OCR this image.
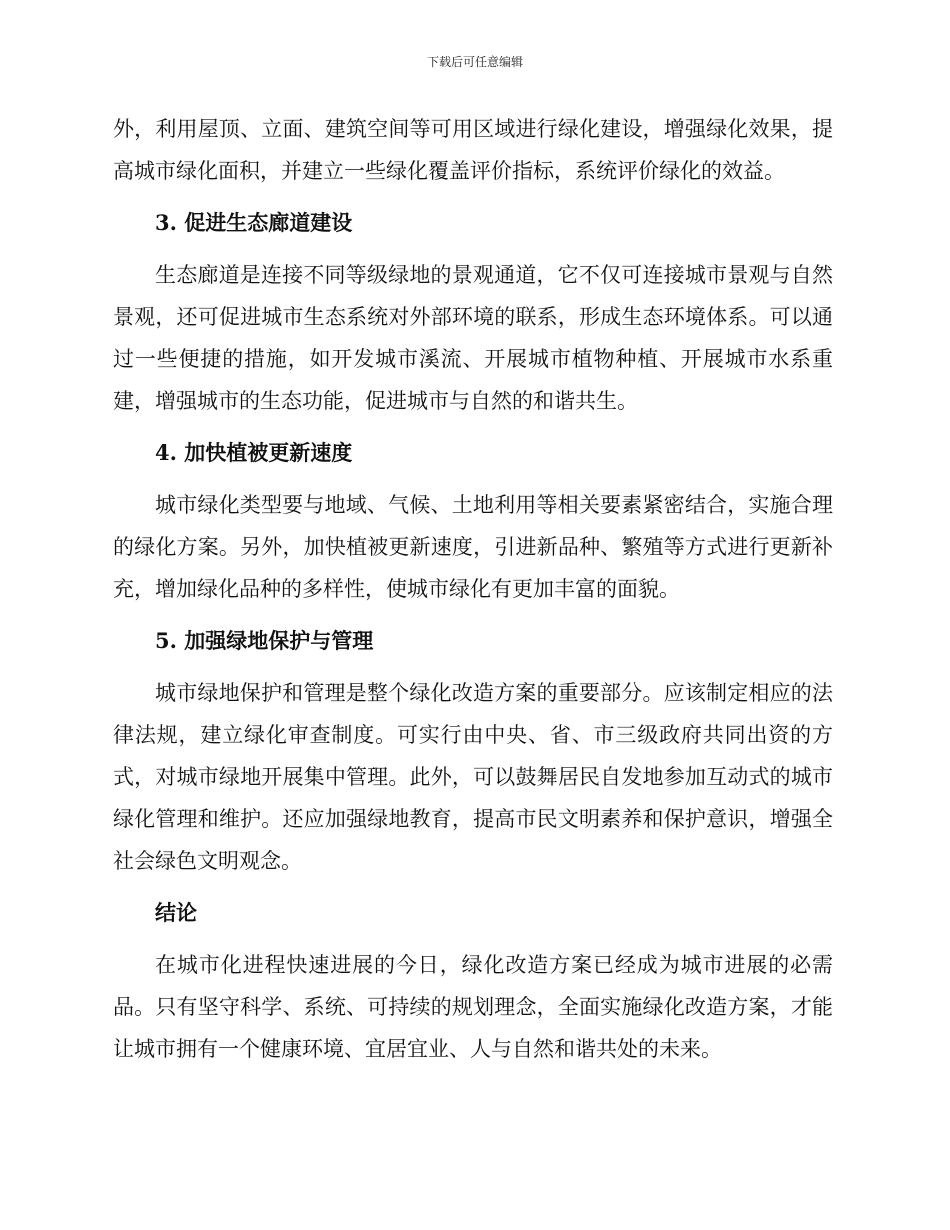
下载后可任意编辑

外，利用屋顶、立面、建筑空间等可用区域进行绿化建设，增强绿化效果，提高城市绿化面积，并建立一些绿化覆盖评价指标，系统评价绿化的效益。

3. 促进生态廊道建设

生态廊道是连接不同等级绿地的景观通道，它不仅可连接城市景观与自然景观，还可促进城市生态系统对外部环境的联系，形成生态环境体系。可以通过一些便捷的措施，如开发城市溪流、开展城市植物种植、开展城市水系重建，增强城市的生态功能，促进城市与自然的和谐共生。

4. 加快植被更新速度

城市绿化类型要与地域、气候、土地利用等相关要素紧密结合，实施合理的绿化方案。另外，加快植被更新速度，引进新品种、繁殖等方式进行更新补充，增加绿化品种的多样性，使城市绿化有更加丰富的面貌。

5. 加强绿地保护与管理

城市绿地保护和管理是整个绿化改造方案的重要部分。应该制定相应的法律法规，建立绿化审查制度。可实行由中央、省、市三级政府共同出资的方式，对城市绿地开展集中管理。此外，可以鼓舞居民自发地参加互动式的城市绿化管理和维护。还应加强绿地教育，提高市民文明素养和保护意识，增强全社会绿色文明观念。

结论

在城市化进程快速进展的今日，绿化改造方案已经成为城市进展的必需品。只有坚守科学、系统、可持续的规划理念，全面实施绿化改造方案，才能让城市拥有一个健康环境、宜居宜业、人与自然和谐共处的未来。
